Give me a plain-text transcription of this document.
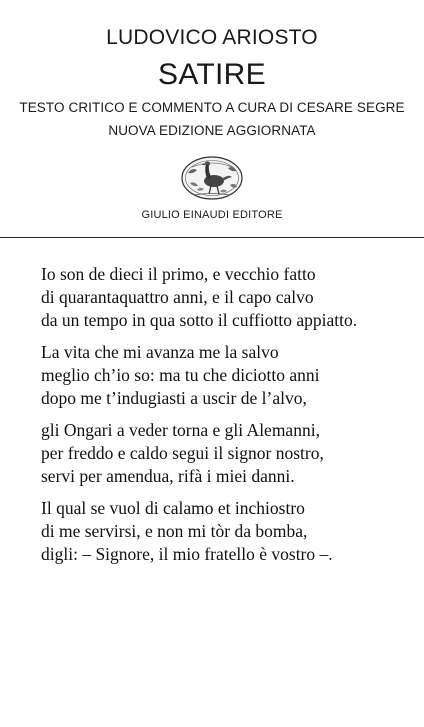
LUDOVICO ARIOSTO
SATIRE
TESTO CRITICO E COMMENTO A CURA DI CESARE SEGRE
NUOVA EDIZIONE AGGIORNATA
GIULIO EINAUDI EDITORE
Io son de dieci il primo, e vecchio fatto
di quarantaquattro anni, e il capo calvo
da un tempo in qua sotto il cuffiotto appiatto.
La vita che mi avanza me la salvo
meglio ch’io so: ma tu che diciotto anni
dopo me t’indugiasti a uscir de l’alvo,
gli Ongari a veder torna e gli Alemanni,
per freddo e caldo segui il signor nostro,
servi per amendua, rifà i miei danni.
Il qual se vuol di calamo et inchiostro
di me servirsi, e non mi tòr da bomba,
digli: – Signore, il mio fratello è vostro –.
